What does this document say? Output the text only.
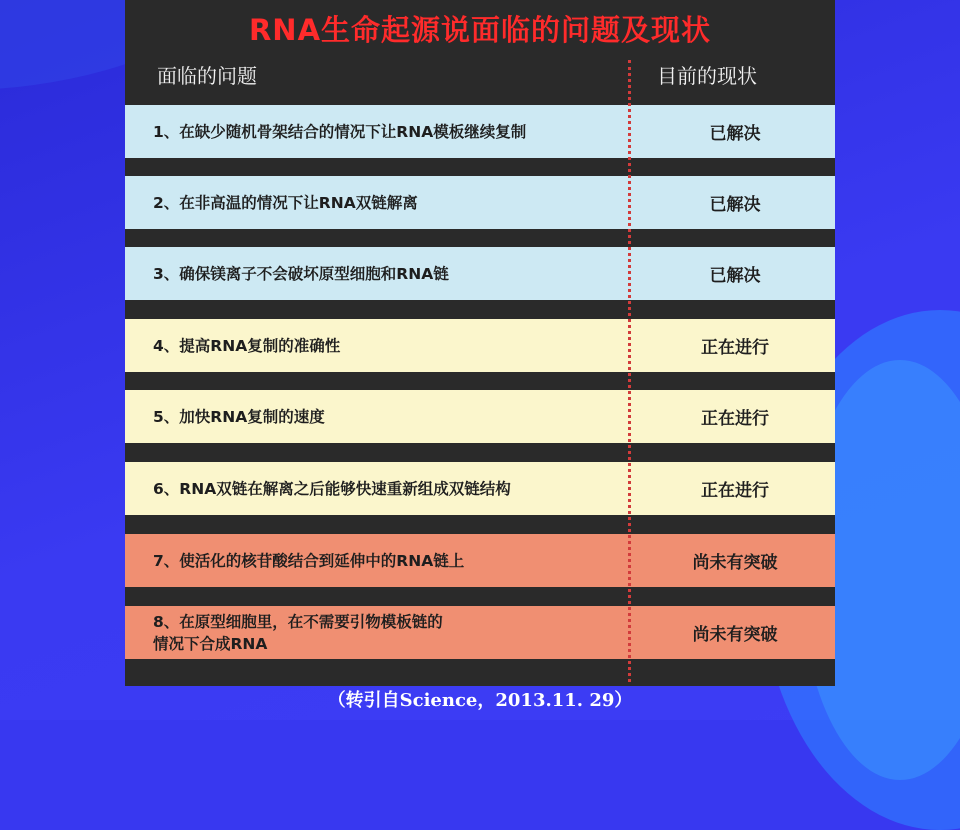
RNA生命起源说面临的问题及现状
面临的问题	目前的现状
1、在缺少随机骨架结合的情况下让RNA模板继续复制	已解决
2、在非高温的情况下让RNA双链解离	已解决
3、确保镁离子不会破坏原型细胞和RNA链	已解决
4、提高RNA复制的准确性	正在进行
5、加快RNA复制的速度	正在进行
6、RNA双链在解离之后能够快速重新组成双链结构	正在进行
7、使活化的核苷酸结合到延伸中的RNA链上	尚未有突破
8、在原型细胞里，在不需要引物模板链的
情况下合成RNA	尚未有突破
（转引自Science，2013.11. 29）
